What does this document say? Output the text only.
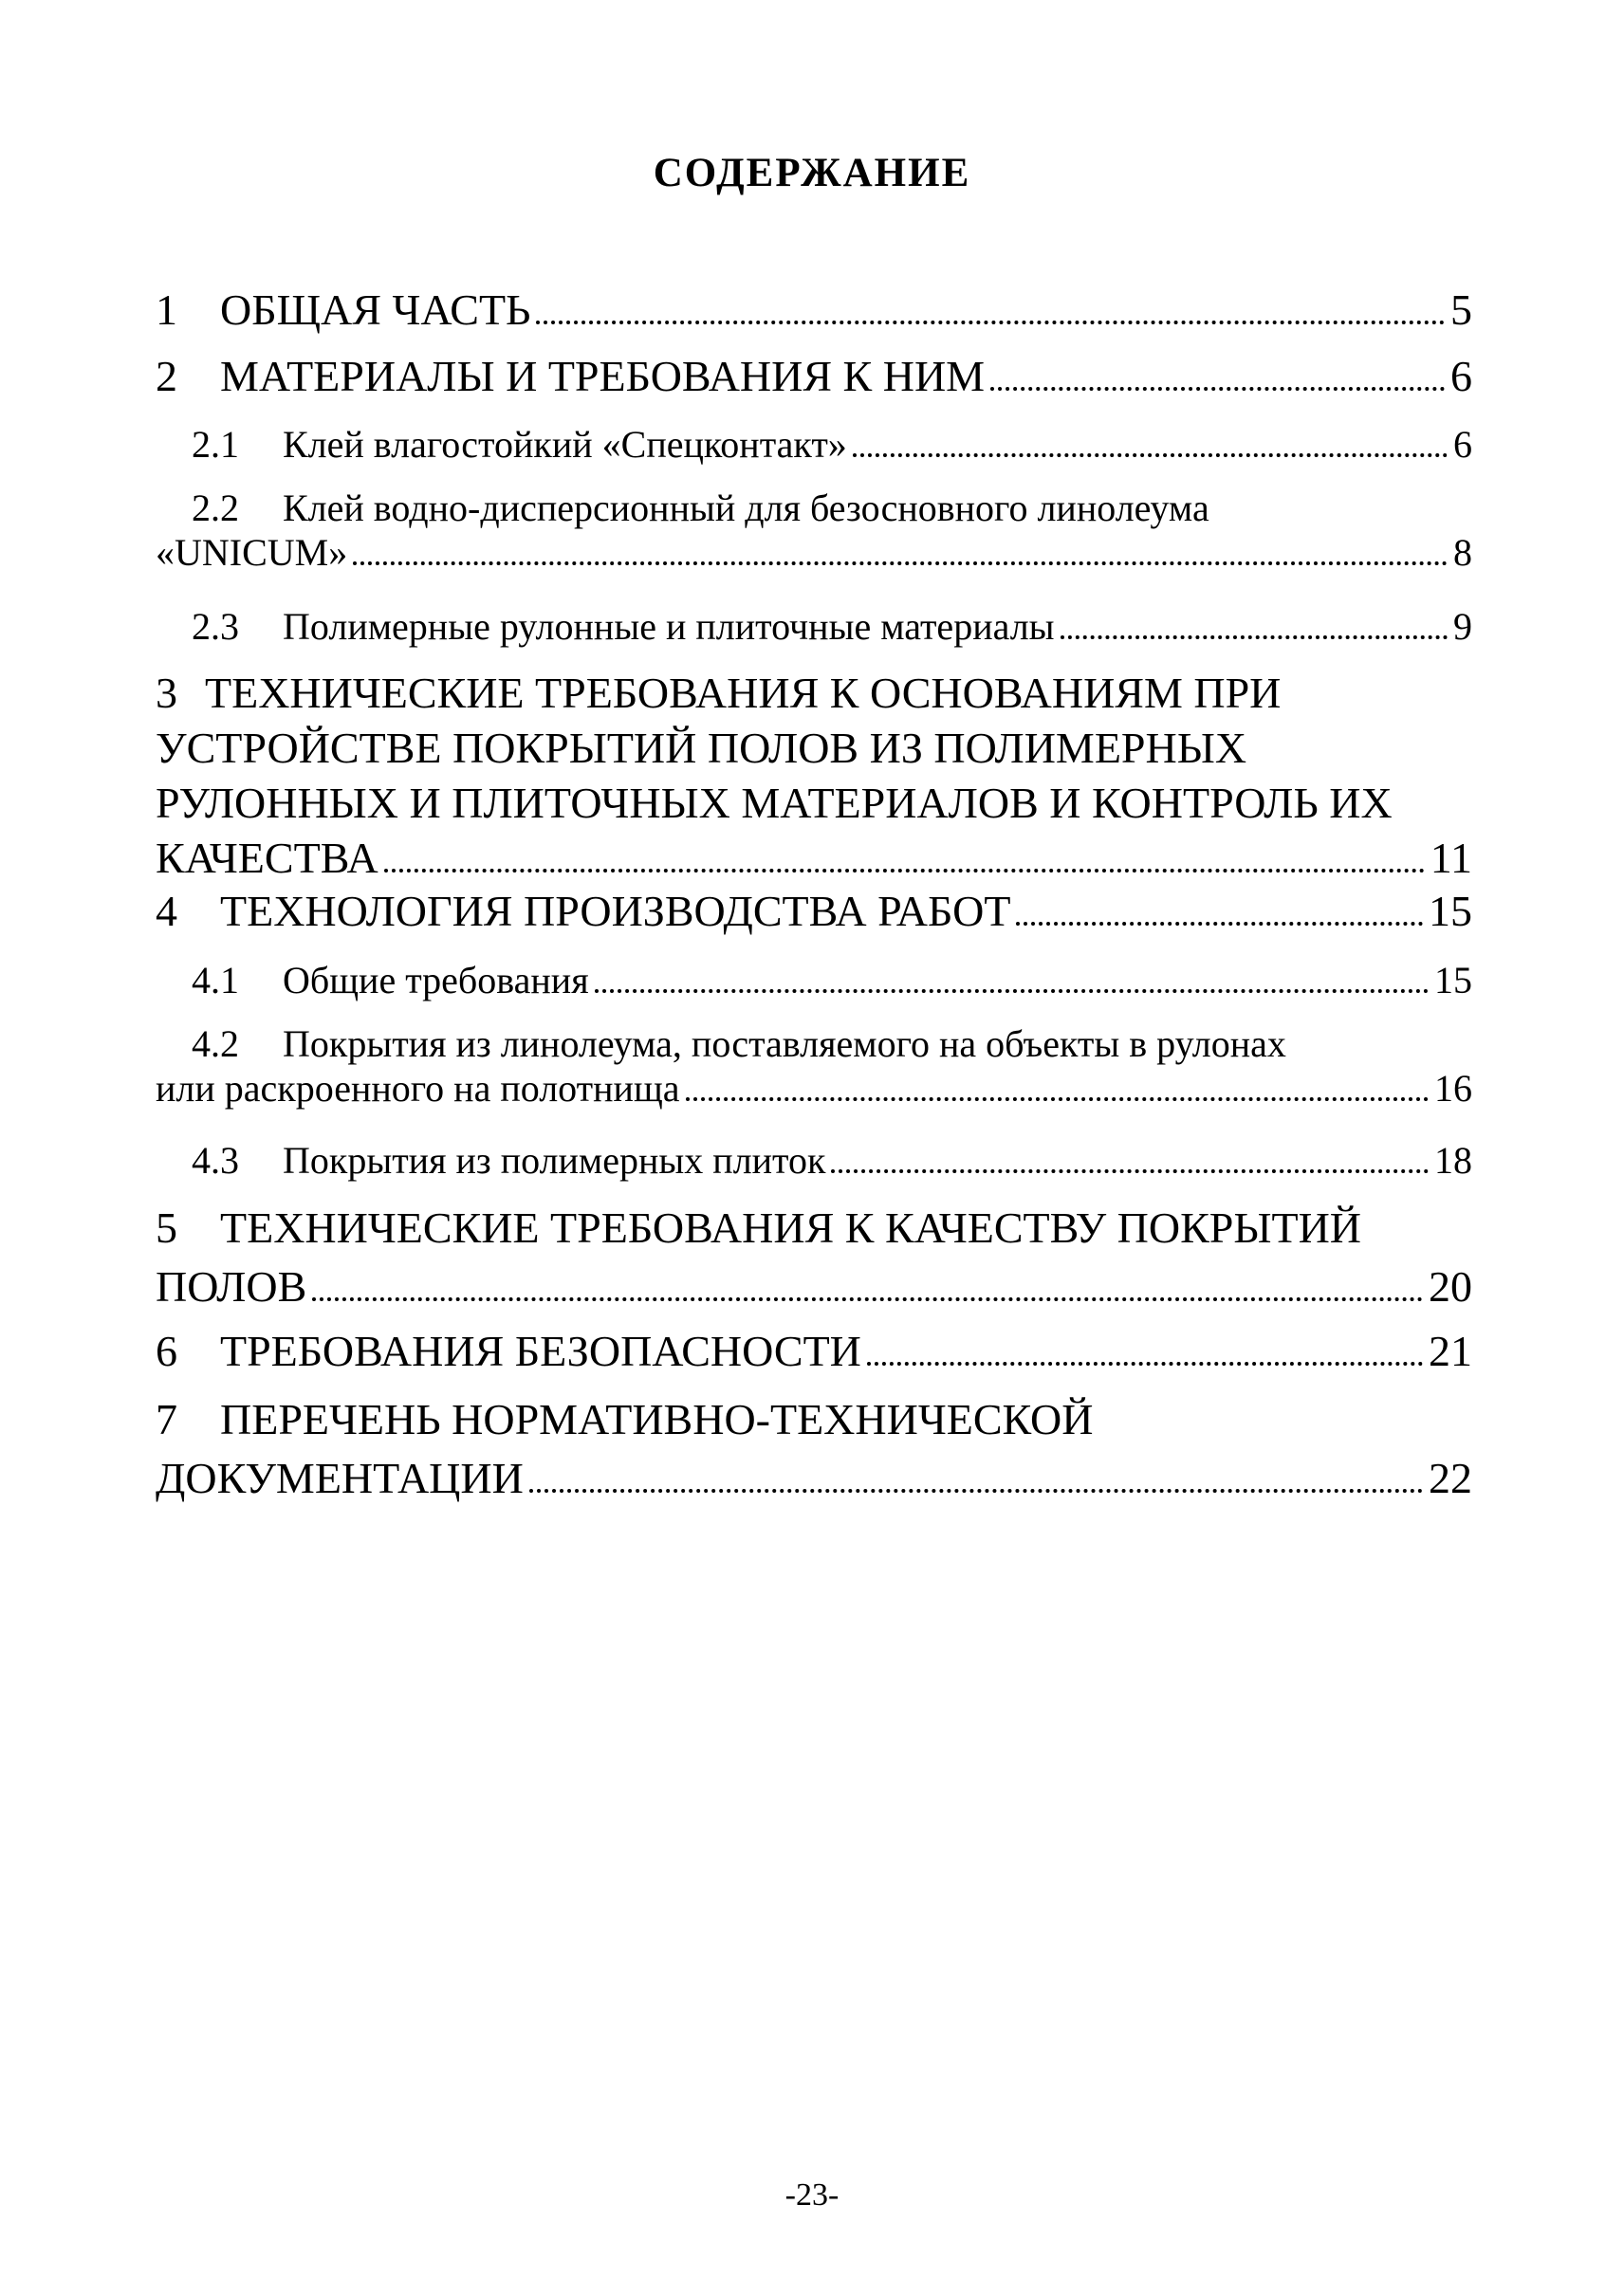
СОДЕРЖАНИЕ
1 ОБЩАЯ ЧАСТЬ	5
2 МАТЕРИАЛЫ И ТРЕБОВАНИЯ К НИМ	6
2.1	Клей влагостойкий «Спецконтакт»	6
2.2	Клей водно-дисперсионный для безосновного линолеума
«UNICUM»	8
2.3	Полимерные рулонные и плиточные материалы	9
3 ТЕХНИЧЕСКИЕ ТРЕБОВАНИЯ К ОСНОВАНИЯМ ПРИ
УСТРОЙСТВЕ ПОКРЫТИЙ ПОЛОВ ИЗ ПОЛИМЕРНЫХ
РУЛОННЫХ И ПЛИТОЧНЫХ МАТЕРИАЛОВ И КОНТРОЛЬ ИХ
КАЧЕСТВА	11
4 ТЕХНОЛОГИЯ ПРОИЗВОДСТВА РАБОТ	15
4.1	Общие требования	15
4.2	Покрытия из линолеума, поставляемого на объекты в рулонах
или раскроенного на полотнища	16
4.3	Покрытия из полимерных плиток	18
5 ТЕХНИЧЕСКИЕ ТРЕБОВАНИЯ К КАЧЕСТВУ ПОКРЫТИЙ
ПОЛОВ	20
6 ТРЕБОВАНИЯ БЕЗОПАСНОСТИ	21
7 ПЕРЕЧЕНЬ НОРМАТИВНО-ТЕХНИЧЕСКОЙ
ДОКУМЕНТАЦИИ	22
-23-
